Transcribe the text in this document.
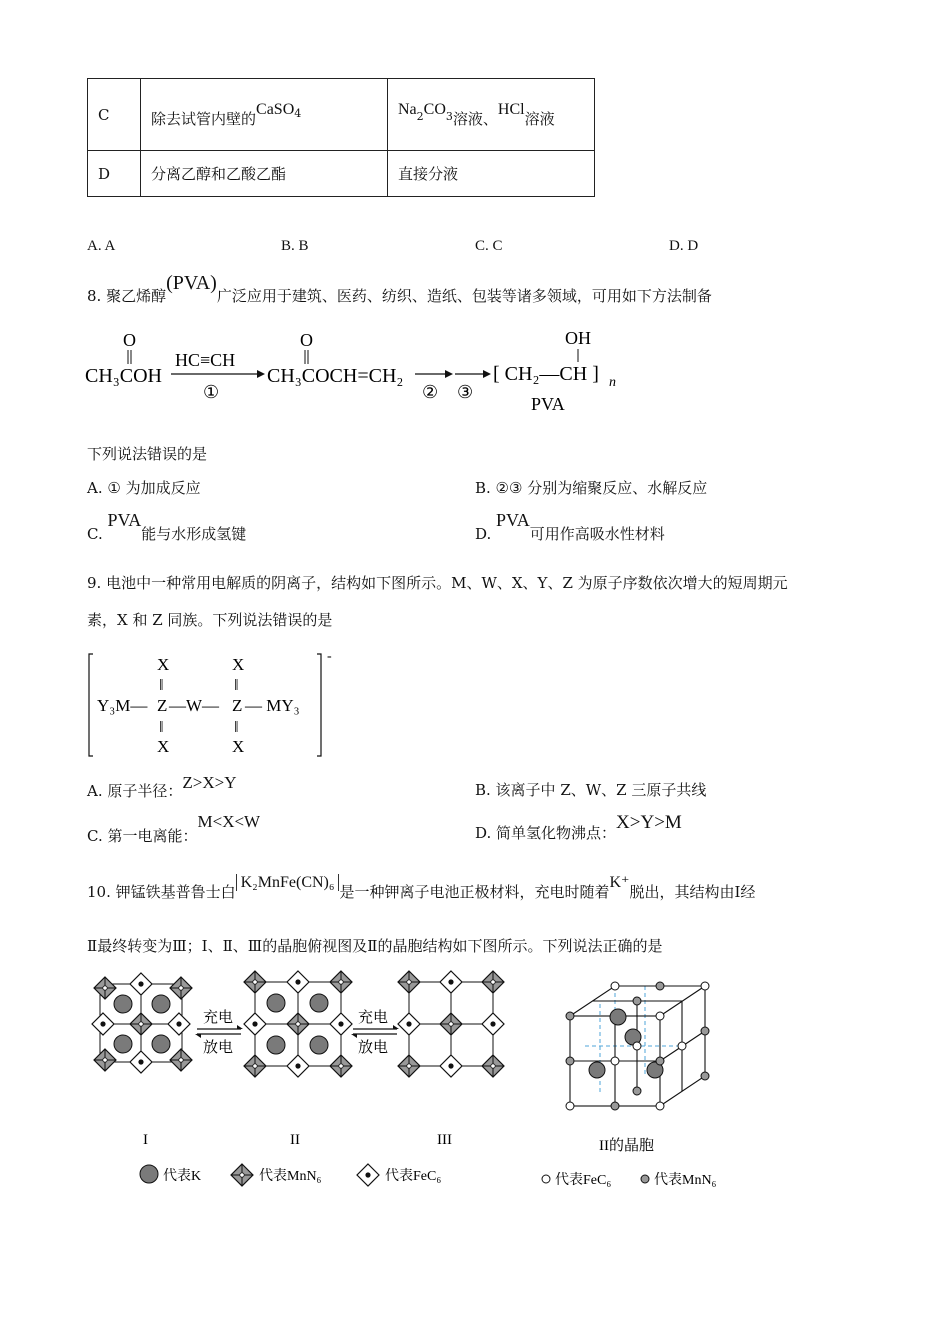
C	除去试管内壁的CaSO$^4$	$Na^2CO^3$溶液、HCl溶液
D	分离乙醇和乙酸乙酯	直接分液
A. A	B. B	C. C	D. D
8. 聚乙烯醇(PVA)广泛应用于建筑、医药、纺织、造纸、包装等诸多领域，可用如下方法制备
CH₃COH
O
HC≡CH
①
CH₃COCH=CH₂
O
② ③
[ CH₂—CH ] n
OH
PVA
下列说法错误的是
A. ① 为加成反应	B. ②③ 分别为缩聚反应、水解反应
C. PVA能与水形成氢键	D. PVA可用作高吸水性材料
9. 电池中一种常用电解质的阴离子，结构如下图所示。M、W、X、Y、Z 为原子序数依次增大的短周期元
素，X 和 Z 同族。下列说法错误的是
-
Y₃M— Z —W— Z — MY₃
X	X
X	X
‖	‖
‖	‖
A. 原子半径：Z>X>Y	B. 该离子中 Z、W、Z 三原子共线
C. 第一电离能：M<X<W
D. 简单氢化物沸点：X>Y>M
10. 钾锰铁基普鲁士白K₂MnFe(CN)₆是一种钾离子电池正极材料，充电时随着K⁺脱出，其结构由Ⅰ经
Ⅱ最终转变为Ⅲ；Ⅰ、Ⅱ、Ⅲ的晶胞俯视图及Ⅱ的晶胞结构如下图所示。下列说法正确的是
充电
放电
充电
放电
I	II	III	II的晶胞
代表K	代表MnN₆	代表FeC₆	代表FeC₆	代表MnN₆
